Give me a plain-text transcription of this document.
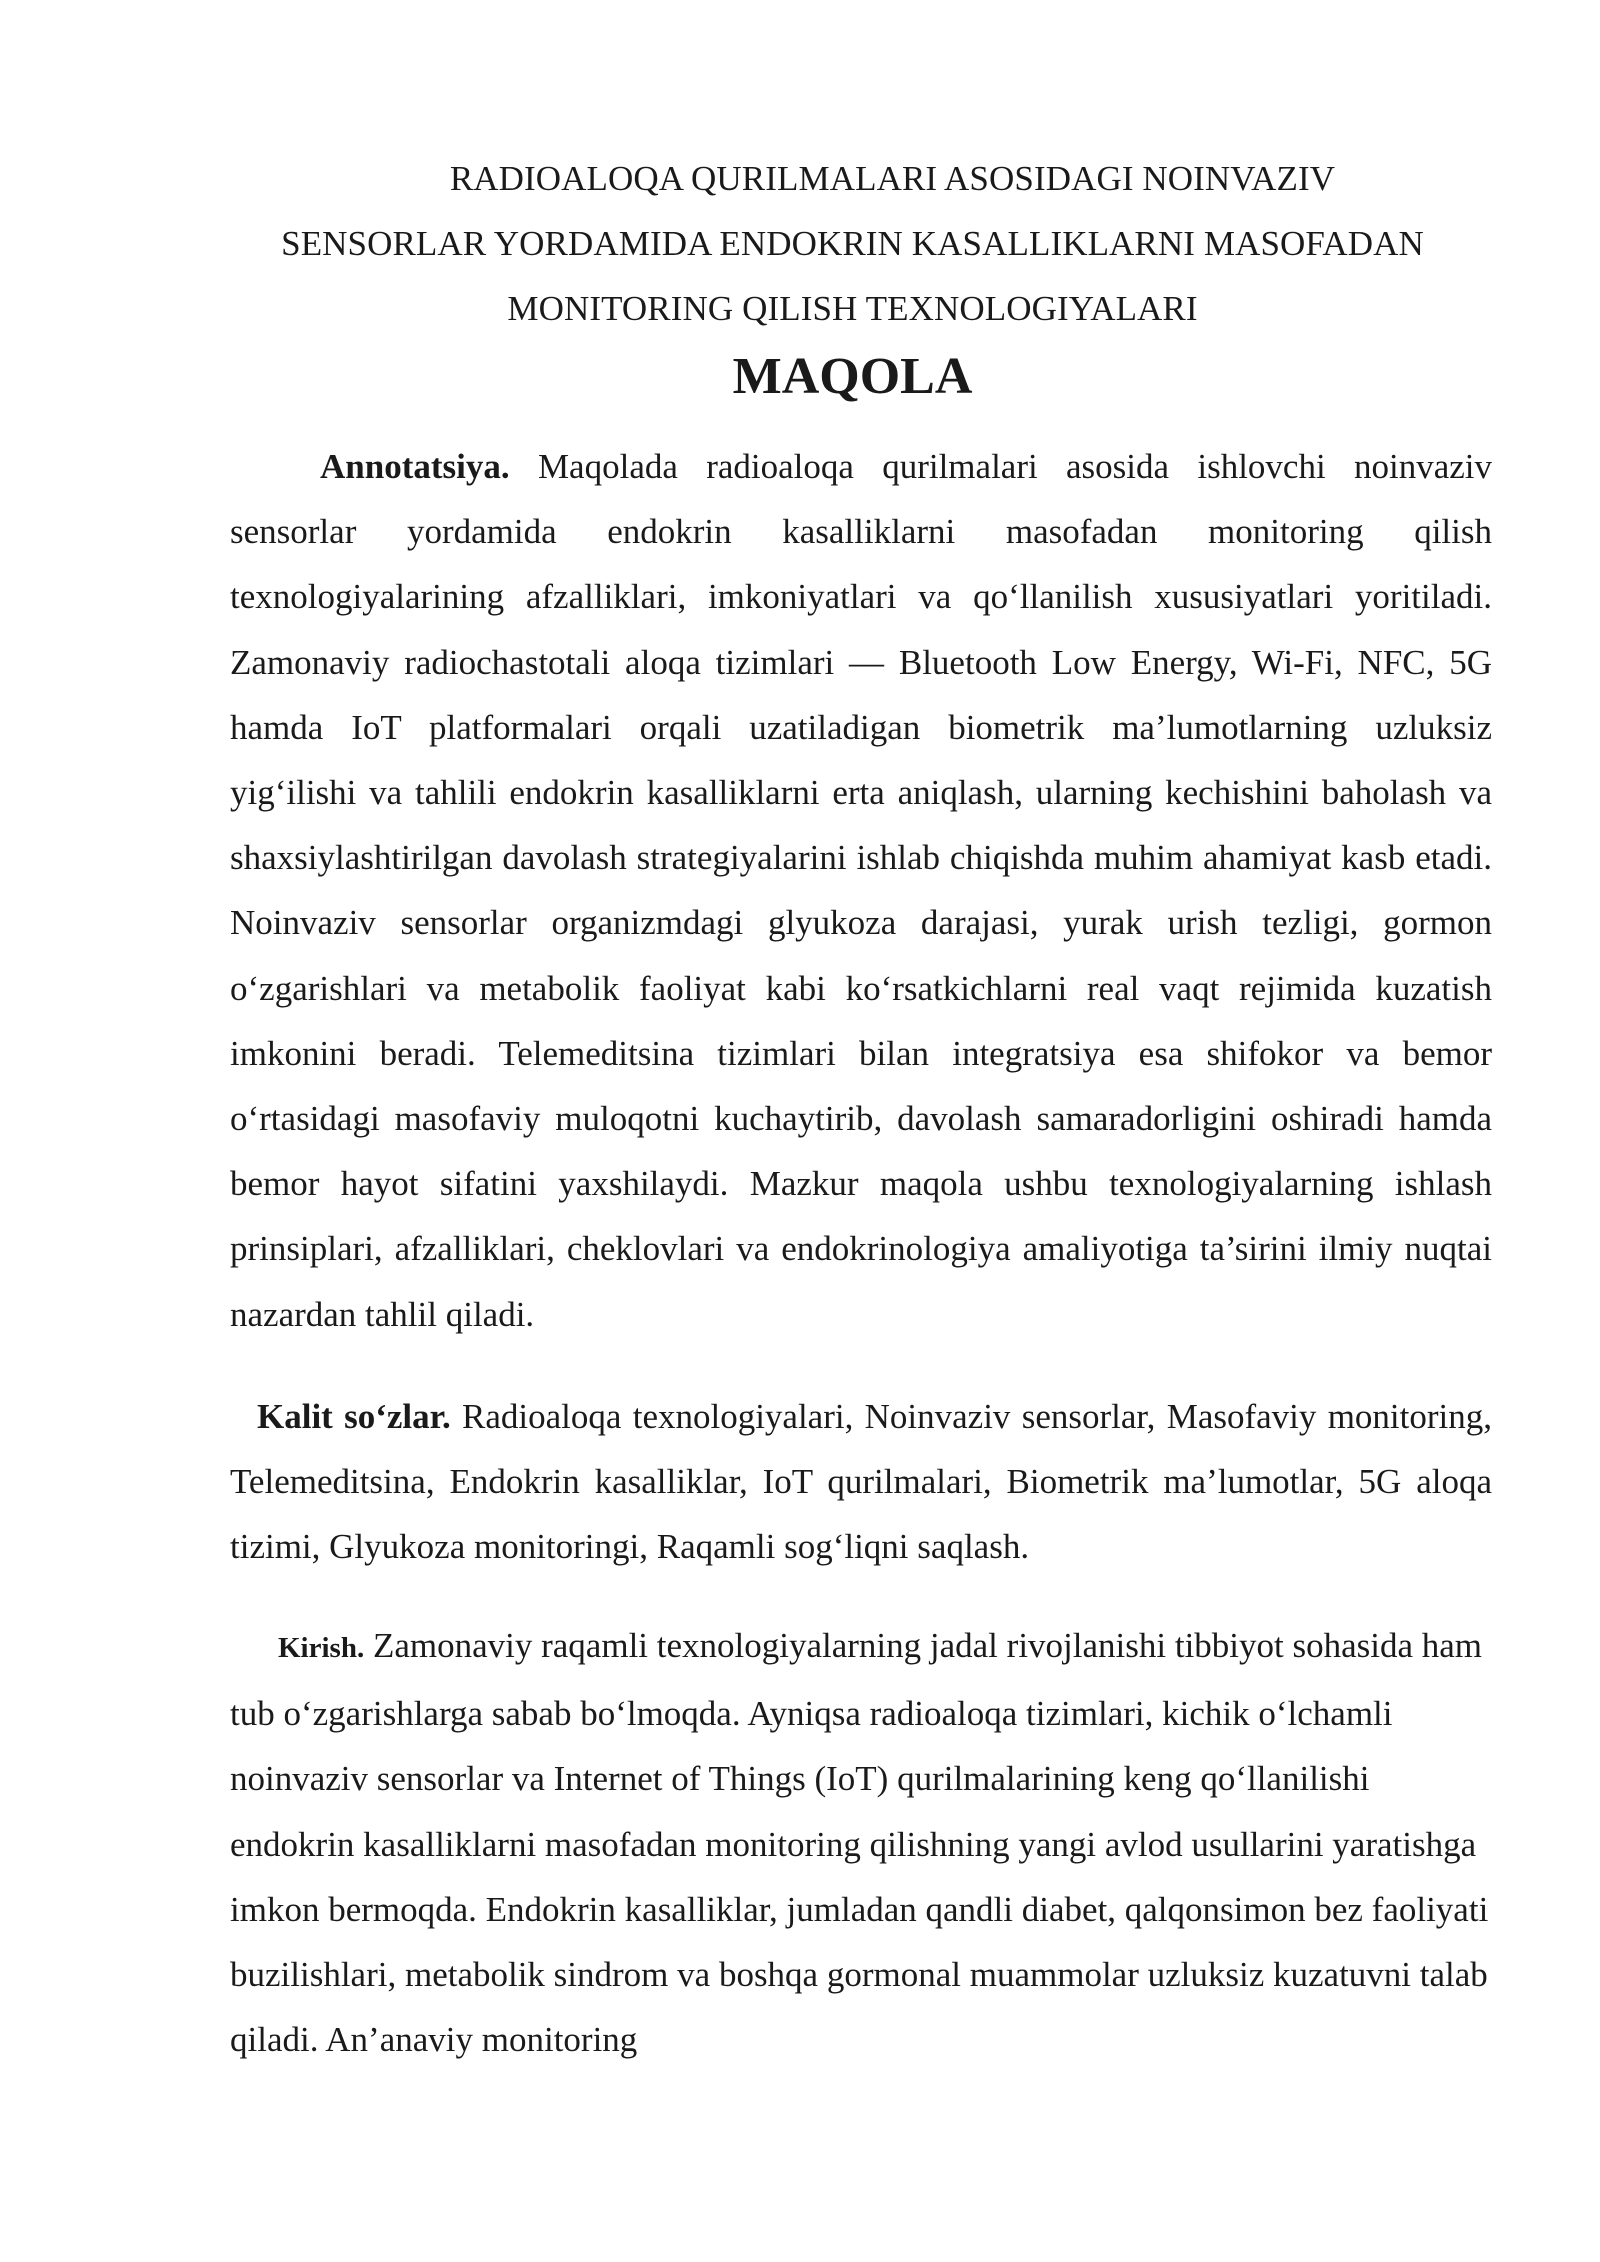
RADIOALOQA QURILMALARI ASOSIDAGI NOINVAZIV
SENSORLAR YORDAMIDA ENDOKRIN KASALLIKLARNI MASOFADAN
MONITORING QILISH TEXNOLOGIYALARI
MAQOLA
Annotatsiya. Maqolada radioaloqa qurilmalari asosida ishlovchi noinvaziv sensorlar yordamida endokrin kasalliklarni masofadan monitoring qilish texnologiyalarining afzalliklari, imkoniyatlari va qo‘llanilish xususiyatlari yoritiladi. Zamonaviy radiochastotali aloqa tizimlari — Bluetooth Low Energy, Wi-Fi, NFC, 5G hamda IoT platformalari orqali uzatiladigan biometrik ma’lumotlarning uzluksiz yig‘ilishi va tahlili endokrin kasalliklarni erta aniqlash, ularning kechishini baholash va shaxsiylashtirilgan davolash strategiyalarini ishlab chiqishda muhim ahamiyat kasb etadi. Noinvaziv sensorlar organizmdagi glyukoza darajasi, yurak urish tezligi, gormon o‘zgarishlari va metabolik faoliyat kabi ko‘rsatkichlarni real vaqt rejimida kuzatish imkonini beradi. Telemeditsina tizimlari bilan integratsiya esa shifokor va bemor o‘rtasidagi masofaviy muloqotni kuchaytirib, davolash samaradorligini oshiradi hamda bemor hayot sifatini yaxshilaydi. Mazkur maqola ushbu texnologiyalarning ishlash prinsiplari, afzalliklari, cheklovlari va endokrinologiya amaliyotiga ta’sirini ilmiy nuqtai nazardan tahlil qiladi.
Kalit so‘zlar. Radioaloqa texnologiyalari, Noinvaziv sensorlar, Masofaviy monitoring, Telemeditsina, Endokrin kasalliklar, IoT qurilmalari, Biometrik ma’lumotlar, 5G aloqa tizimi, Glyukoza monitoringi, Raqamli sog‘liqni saqlash.
Kirish. Zamonaviy raqamli texnologiyalarning jadal rivojlanishi tibbiyot sohasida ham tub o‘zgarishlarga sabab bo‘lmoqda. Ayniqsa radioaloqa tizimlari, kichik o‘lchamli noinvaziv sensorlar va Internet of Things (IoT) qurilmalarining keng qo‘llanilishi endokrin kasalliklarni masofadan monitoring qilishning yangi avlod usullarini yaratishga imkon bermoqda. Endokrin kasalliklar, jumladan qandli diabet, qalqonsimon bez faoliyati buzilishlari, metabolik sindrom va boshqa gormonal muammolar uzluksiz kuzatuvni talab qiladi. An’anaviy monitoring
